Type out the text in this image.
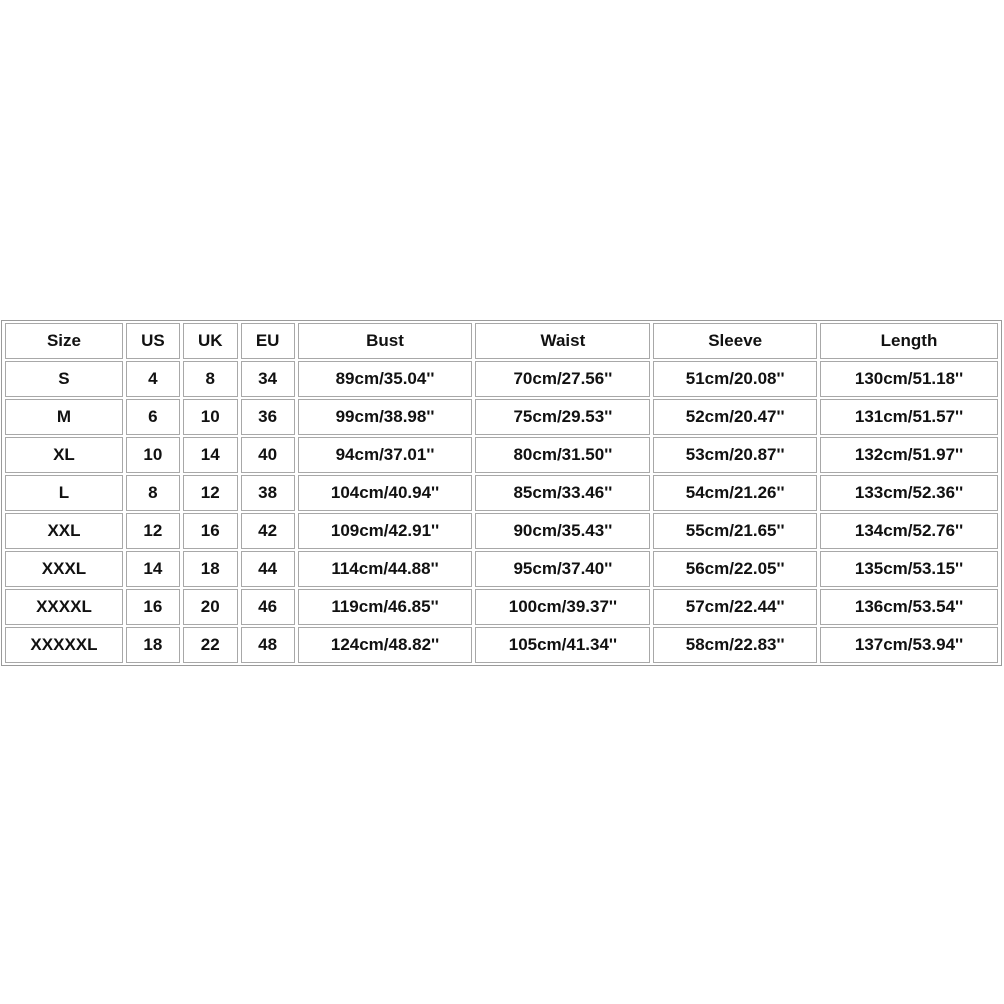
Size	US	UK	EU	Bust	Waist	Sleeve	Length
S	4	8	34	89cm/35.04''	70cm/27.56''	51cm/20.08''	130cm/51.18''
M	6	10	36	99cm/38.98''	75cm/29.53''	52cm/20.47''	131cm/51.57''
XL	10	14	40	94cm/37.01''	80cm/31.50''	53cm/20.87''	132cm/51.97''
L	8	12	38	104cm/40.94''	85cm/33.46''	54cm/21.26''	133cm/52.36''
XXL	12	16	42	109cm/42.91''	90cm/35.43''	55cm/21.65''	134cm/52.76''
XXXL	14	18	44	114cm/44.88''	95cm/37.40''	56cm/22.05''	135cm/53.15''
XXXXL	16	20	46	119cm/46.85''	100cm/39.37''	57cm/22.44''	136cm/53.54''
XXXXXL	18	22	48	124cm/48.82''	105cm/41.34''	58cm/22.83''	137cm/53.94''
